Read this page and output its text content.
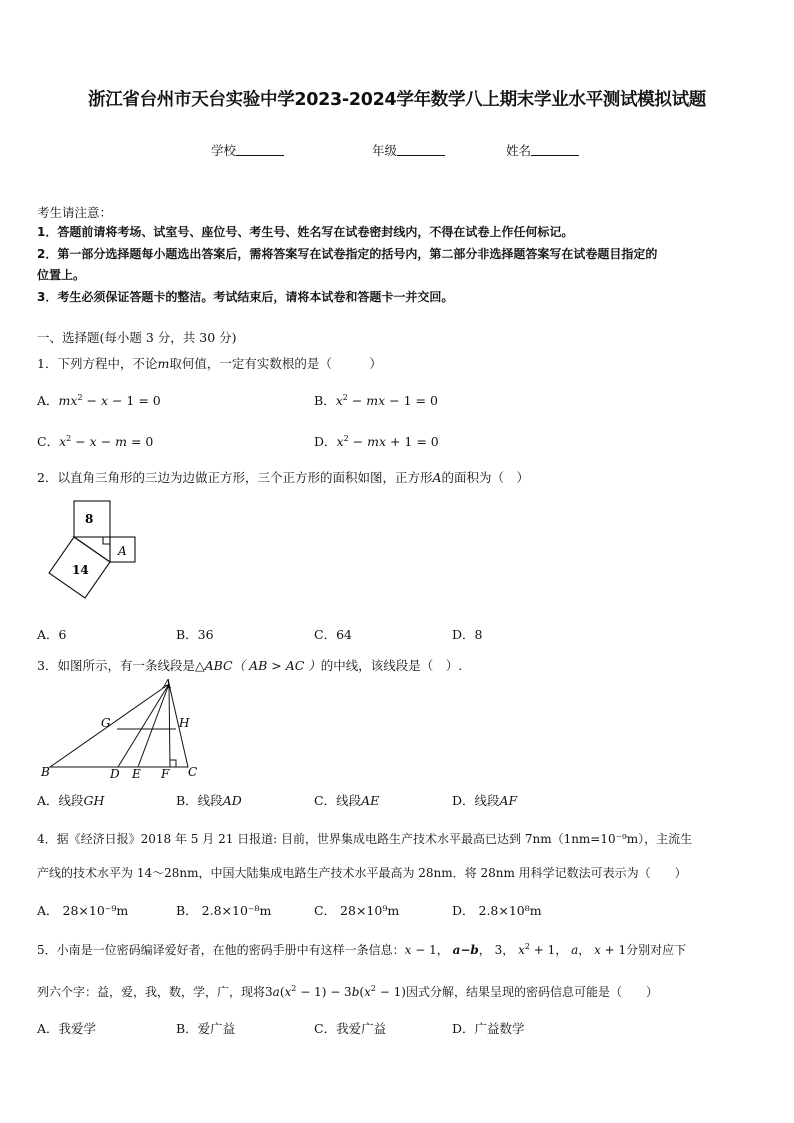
浙江省台州市天台实验中学2023-2024学年数学八上期末学业水平测试模拟试题
学校	年级	姓名
考生请注意：
1．答题前请将考场、试室号、座位号、考生号、姓名写在试卷密封线内，不得在试卷上作任何标记。
2．第一部分选择题每小题选出答案后，需将答案写在试卷指定的括号内，第二部分非选择题答案写在试卷题目指定的
位置上。
3．考生必须保证答题卡的整洁。考试结束后，请将本试卷和答题卡一并交回。
一、选择题(每小题 3 分，共 30 分)
1．下列方程中，不论m取何值，一定有实数根的是（　　　）
A．$mx^2 - x - 1 = 0$	B．$x^2$ − mx − 1 = 0
C．$x^2 - x - m = 0$	D．$x^2$ − mx + 1 = 0
2．以直角三角形的三边为边做正方形，三个正方形的面积如图，正方形A的面积为（　）
8
14
A
A．6	B．36	C．64	D．8
3．如图所示，有一条线段是△ABC（ AB > AC ）的中线，该线段是（　）.
A
B	C
D E F
G	H
A．线段GH	B．线段AD	C．线段AE	D．线段AF
4．据《经济日报》2018 年 5 月 21 日报道: 目前，世界集成电路生产技术水平最高已达到 7nm（1nm=10⁻⁹m），主流生
产线的技术水平为 14～28nm，中国大陆集成电路生产技术水平最高为 28nm．将 28nm 用科学记数法可表示为（　　）
A． 28×10⁻⁹m	B． 2.8×10⁻⁸m	C． 28×10⁹m	D． 2.8×10⁸m
5．小南是一位密码编译爱好者，在他的密码手册中有这样一条信息：x − 1， a−b， 3， $x^2 + 1$， a， x + 1分别对应下
列六个字：益，爱，我，数，学，广，现将$3a(x^2 - 1) - 3b(x^2 - 1)$因式分解，结果呈现的密码信息可能是（　　）
A．我爱学	B．爱广益	C．我爱广益	D．广益数学
